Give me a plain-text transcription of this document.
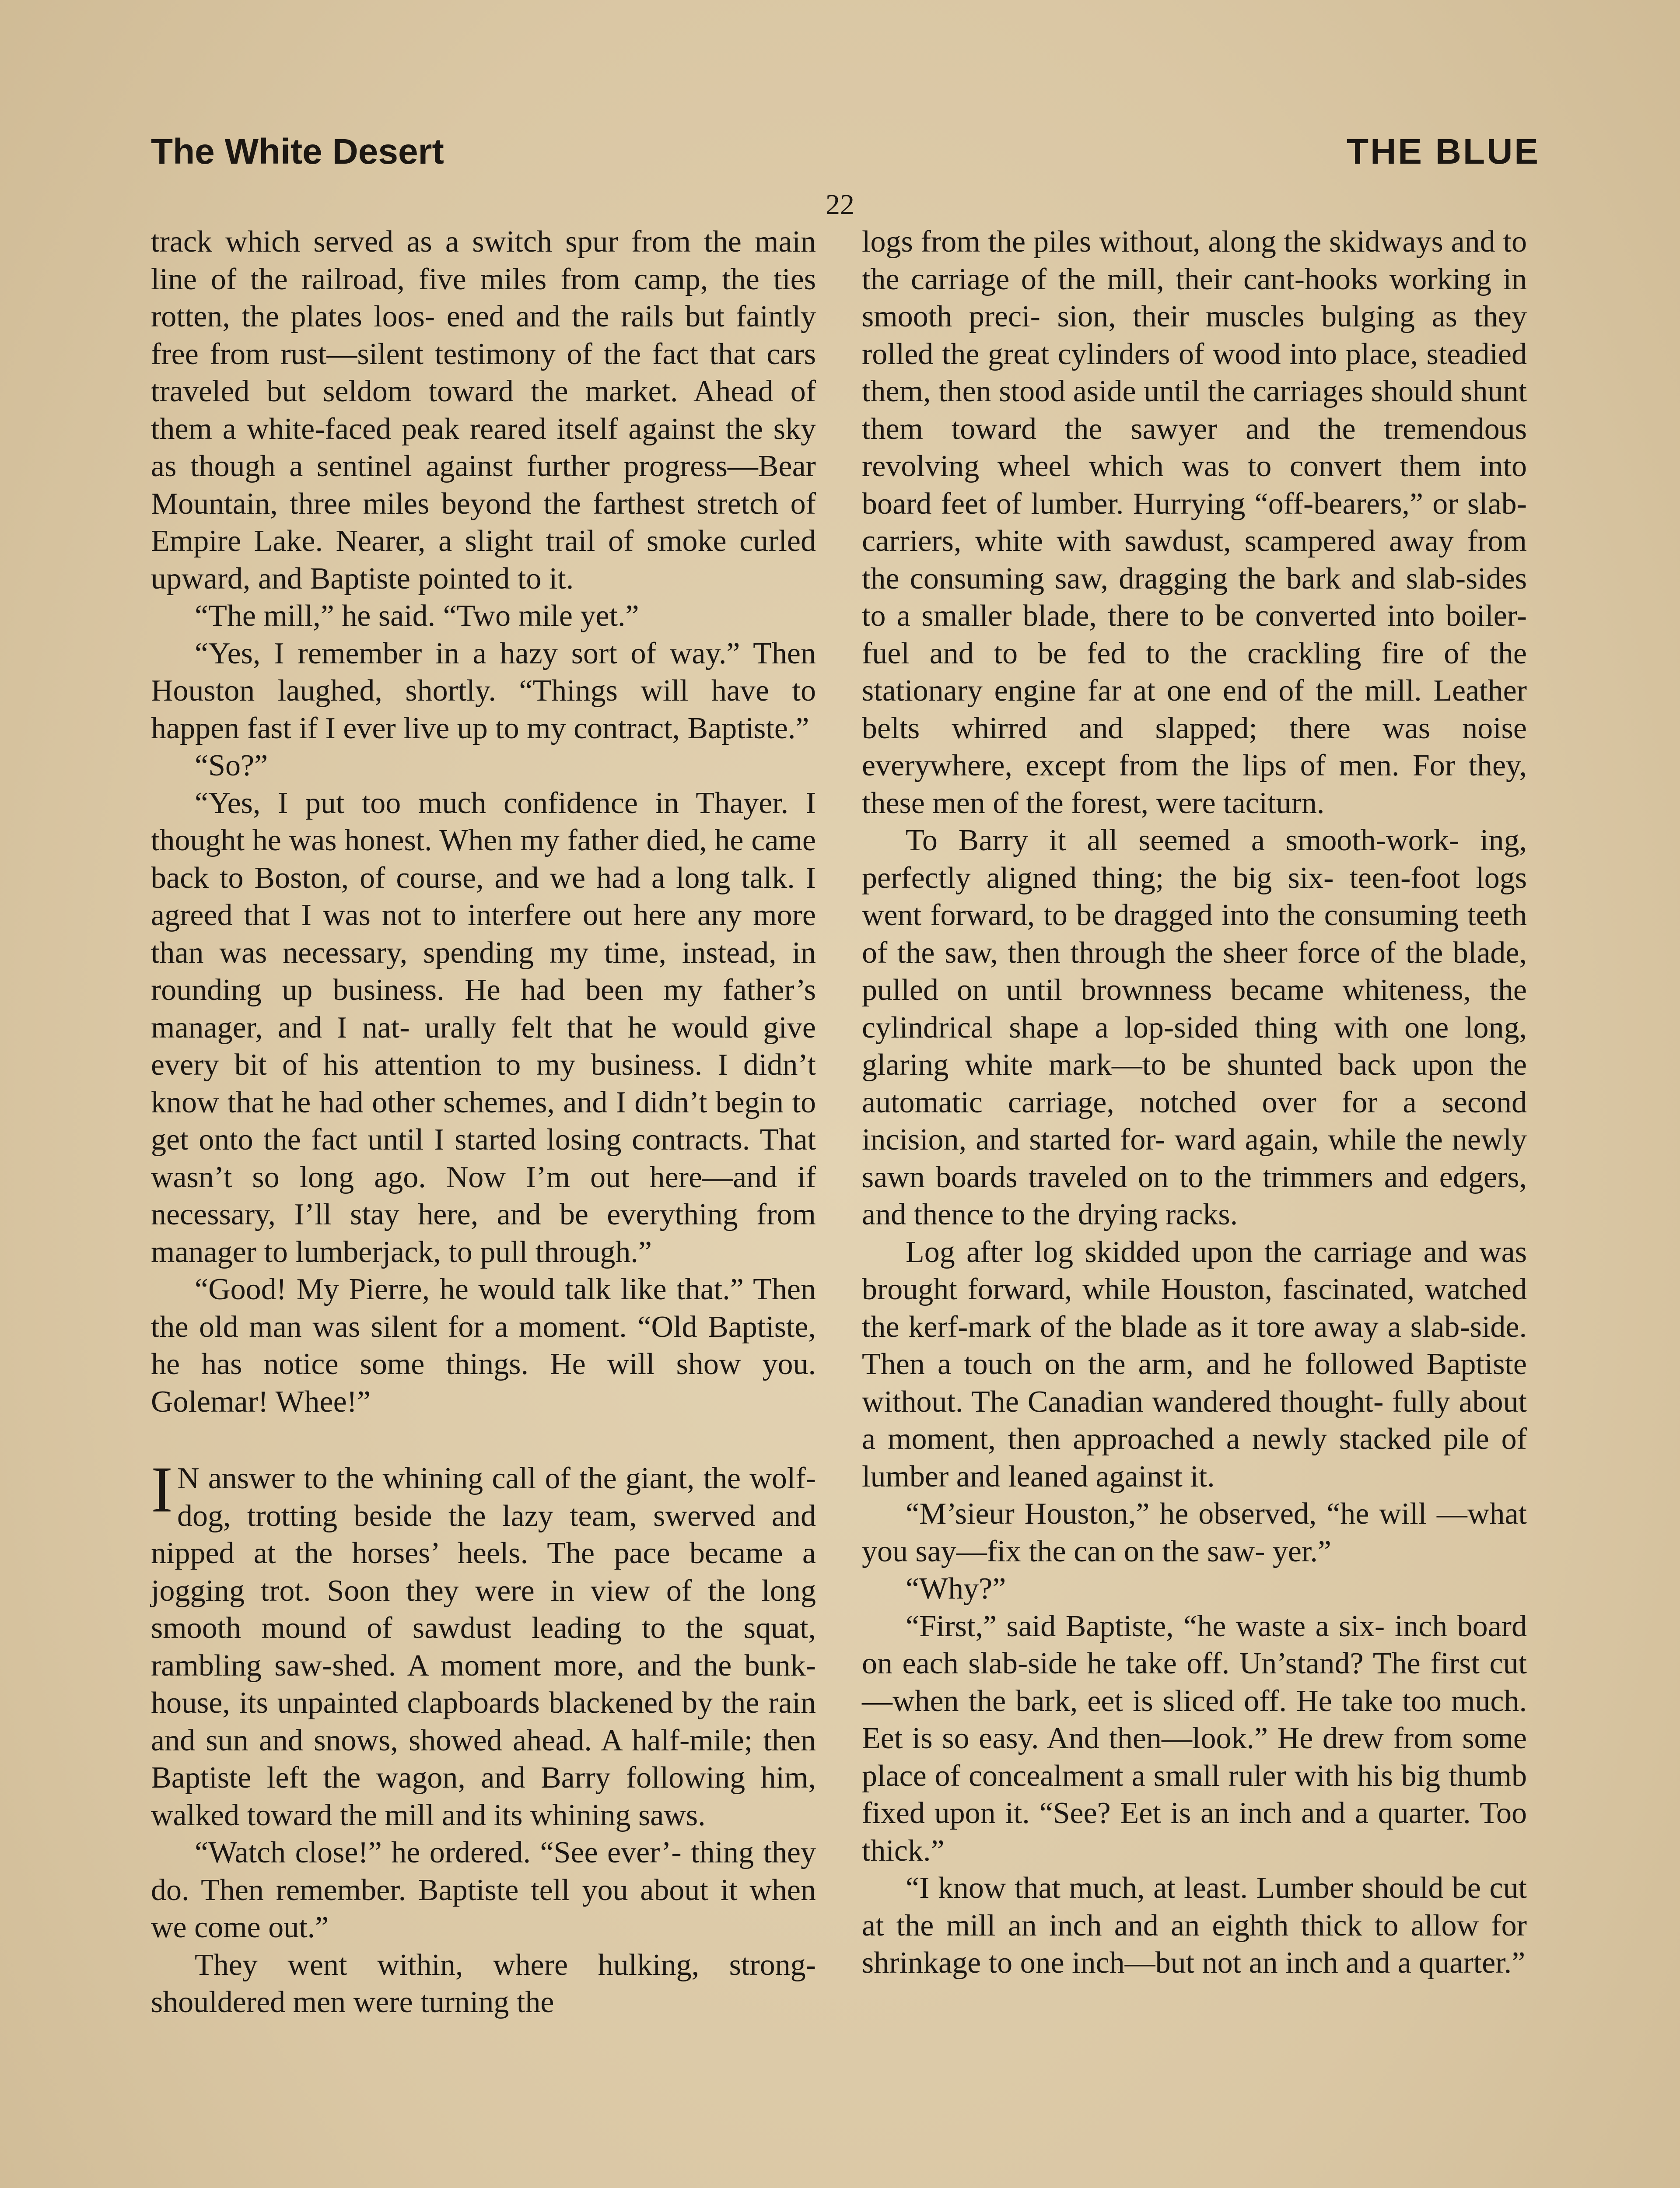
The White Desert	THE BLUE
22

track which served as a switch spur from the main line of the railroad, five miles from camp, the ties rotten, the plates loos- ened and the rails but faintly free from rust—silent testimony of the fact that cars traveled but seldom toward the market. Ahead of them a white-faced peak reared itself against the sky as though a sentinel against further progress—Bear Mountain, three miles beyond the farthest stretch of Empire Lake. Nearer, a slight trail of smoke curled upward, and Baptiste pointed to it.

“The mill,” he said. “Two mile yet.”

“Yes, I remember in a hazy sort of way.” Then Houston laughed, shortly. “Things will have to happen fast if I ever live up to my contract, Baptiste.”

“So?”

“Yes, I put too much confidence in Thayer. I thought he was honest. When my father died, he came back to Boston, of course, and we had a long talk. I agreed that I was not to interfere out here any more than was necessary, spending my time, instead, in rounding up business. He had been my father’s manager, and I nat- urally felt that he would give every bit of his attention to my business. I didn’t know that he had other schemes, and I didn’t begin to get onto the fact until I started losing contracts. That wasn’t so long ago. Now I’m out here—and if necessary, I’ll stay here, and be everything from manager to lumberjack, to pull through.”

“Good! My Pierre, he would talk like that.” Then the old man was silent for a moment. “Old Baptiste, he has notice some things. He will show you. Golemar! Whee!”

IN answer to the whining call of the giant, the wolf-dog, trotting beside the lazy team, swerved and nipped at the horses’ heels. The pace became a jogging trot. Soon they were in view of the long smooth mound of sawdust leading to the squat, rambling saw-shed. A moment more, and the bunk-house, its unpainted clapboards blackened by the rain and sun and snows, showed ahead. A half-mile; then Baptiste left the wagon, and Barry following him, walked toward the mill and its whining saws.

“Watch close!” he ordered. “See ever’- thing they do. Then remember. Baptiste tell you about it when we come out.”

They went within, where hulking, strong-shouldered men were turning the

logs from the piles without, along the skidways and to the carriage of the mill, their cant-hooks working in smooth preci- sion, their muscles bulging as they rolled the great cylinders of wood into place, steadied them, then stood aside until the carriages should shunt them toward the sawyer and the tremendous revolving wheel which was to convert them into board feet of lumber. Hurrying “off-bearers,” or slab- carriers, white with sawdust, scampered away from the consuming saw, dragging the bark and slab-sides to a smaller blade, there to be converted into boiler-fuel and to be fed to the crackling fire of the stationary engine far at one end of the mill. Leather belts whirred and slapped; there was noise everywhere, except from the lips of men. For they, these men of the forest, were taciturn.

To Barry it all seemed a smooth-work- ing, perfectly aligned thing; the big six- teen-foot logs went forward, to be dragged into the consuming teeth of the saw, then through the sheer force of the blade, pulled on until brownness became whiteness, the cylindrical shape a lop-sided thing with one long, glaring white mark—to be shunted back upon the automatic carriage, notched over for a second incision, and started for- ward again, while the newly sawn boards traveled on to the trimmers and edgers, and thence to the drying racks.

Log after log skidded upon the carriage and was brought forward, while Houston, fascinated, watched the kerf-mark of the blade as it tore away a slab-side. Then a touch on the arm, and he followed Baptiste without. The Canadian wandered thought- fully about a moment, then approached a newly stacked pile of lumber and leaned against it.

“M’sieur Houston,” he observed, “he will —what you say—fix the can on the saw- yer.”

“Why?”

“First,” said Baptiste, “he waste a six- inch board on each slab-side he take off. Un’stand? The first cut—when the bark, eet is sliced off. He take too much. Eet is so easy. And then—look.” He drew from some place of concealment a small ruler with his big thumb fixed upon it. “See? Eet is an inch and a quarter. Too thick.”

“I know that much, at least. Lumber should be cut at the mill an inch and an eighth thick to allow for shrinkage to one inch—but not an inch and a quarter.”
